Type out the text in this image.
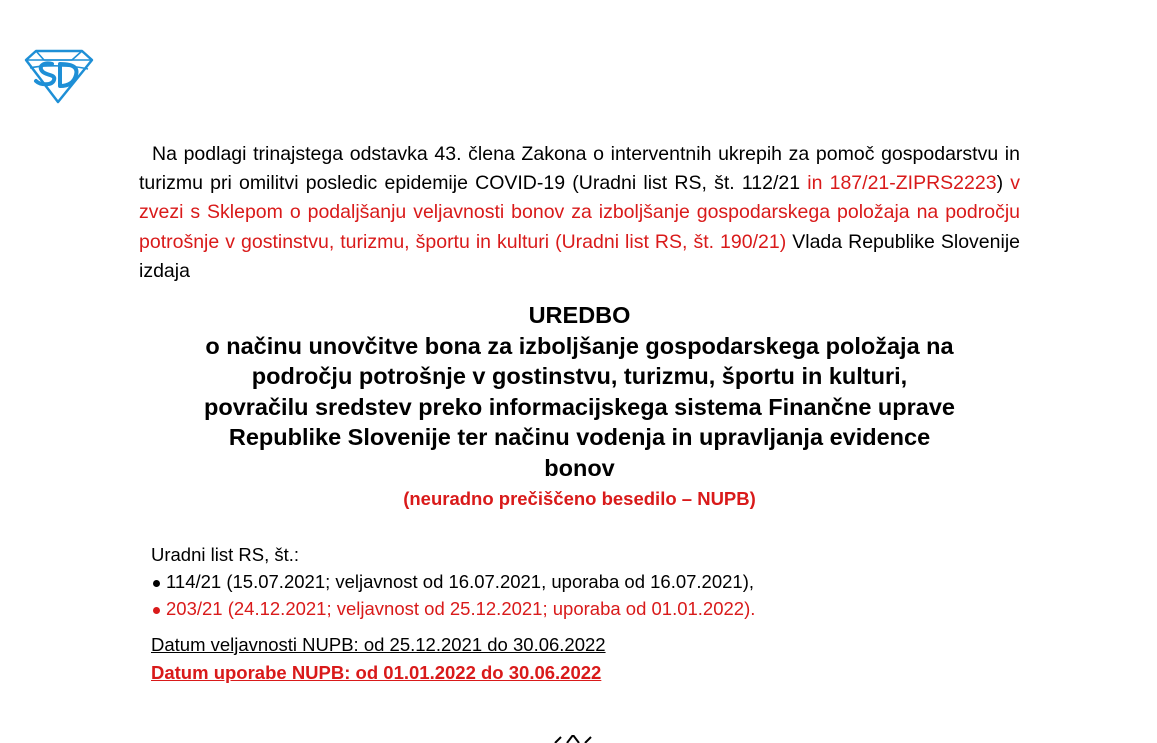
Na podlagi trinajstega odstavka 43. člena Zakona o interventnih ukrepih za pomoč gospodarstvu in turizmu pri omilitvi posledic epidemije COVID-19 (Uradni list RS, št. 112/21 in 187/21-ZIPRS2223) v zvezi s Sklepom o podaljšanju veljavnosti bonov za izboljšanje gospodarskega položaja na področju potrošnje v gostinstvu, turizmu, športu in kulturi (Uradni list RS, št. 190/21) Vlada Republike Slovenije izdaja
UREDBO
o načinu unovčitve bona za izboljšanje gospodarskega položaja na
področju potrošnje v gostinstvu, turizmu, športu in kulturi,
povračilu sredstev preko informacijskega sistema Finančne uprave
Republike Slovenije ter načinu vodenja in upravljanja evidence
bonov
(neuradno prečiščeno besedilo – NUPB)
Uradni list RS, št.:
114/21 (15.07.2021; veljavnost od 16.07.2021, uporaba od 16.07.2021),
203/21 (24.12.2021; veljavnost od 25.12.2021; uporaba od 01.01.2022).
Datum veljavnosti NUPB: od 25.12.2021 do 30.06.2022
Datum uporabe NUPB: od 01.01.2022 do 30.06.2022
